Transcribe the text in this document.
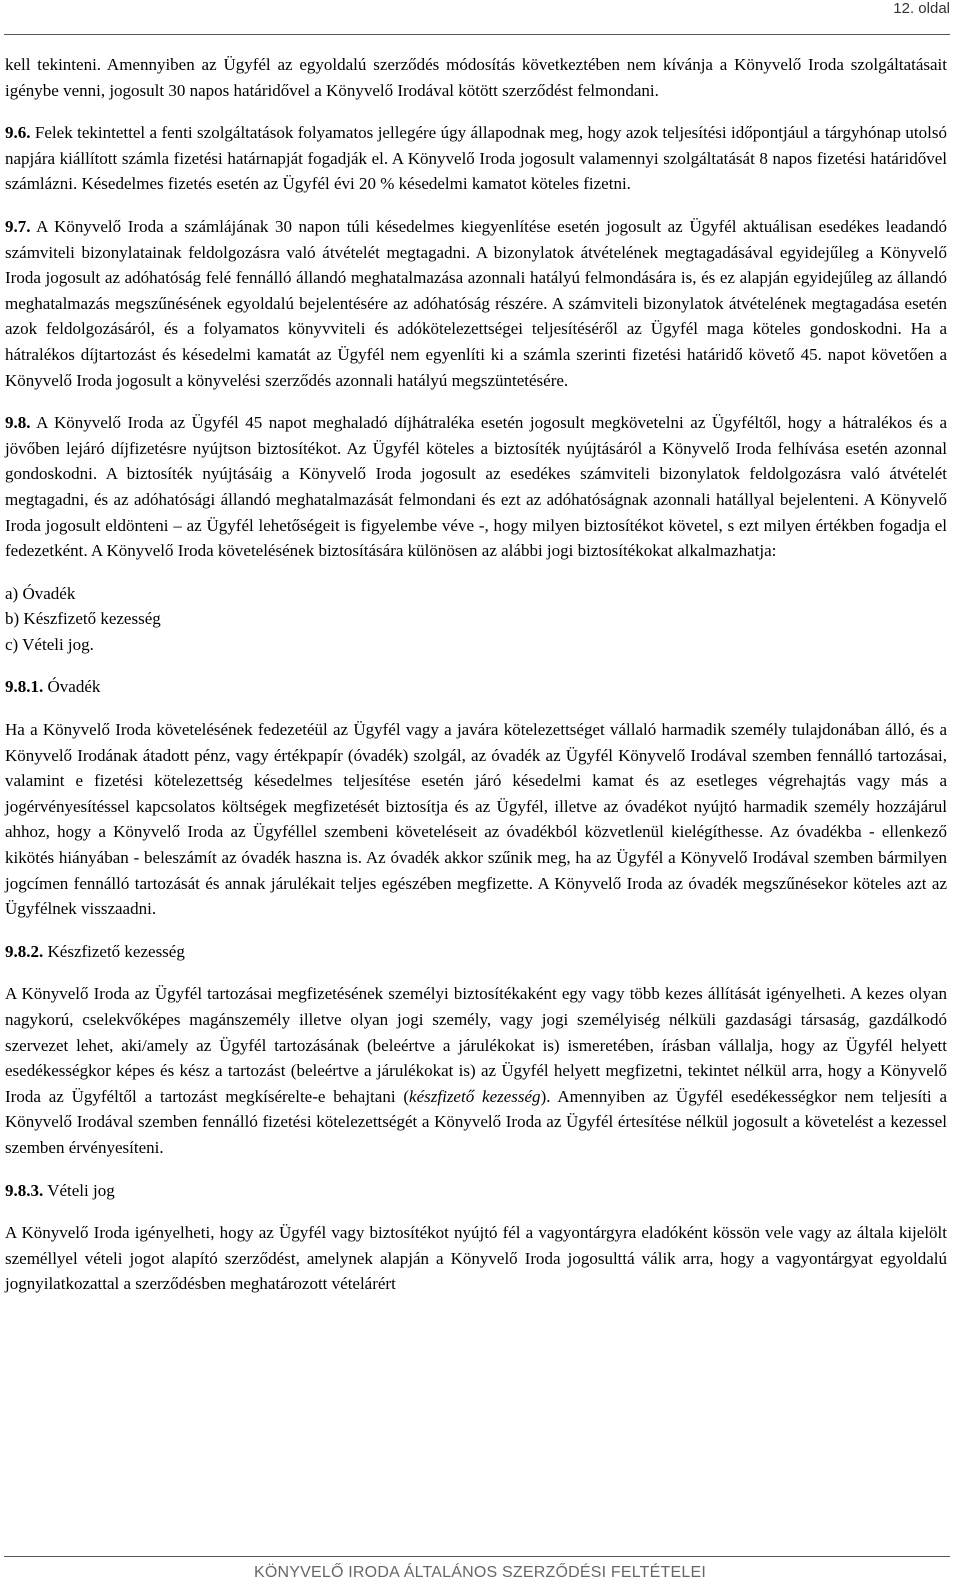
12. oldal

kell tekinteni. Amennyiben az Ügyfél az egyoldalú szerződés módosítás következtében nem kívánja a Könyvelő Iroda szolgáltatásait igénybe venni, jogosult 30 napos határidővel a Könyvelő Irodával kötött szerződést felmondani.

9.6. Felek tekintettel a fenti szolgáltatások folyamatos jellegére úgy állapodnak meg, hogy azok teljesítési időpontjául a tárgyhónap utolsó napjára kiállított számla fizetési határnapját fogadják el. A Könyvelő Iroda jogosult valamennyi szolgáltatását 8 napos fizetési határidővel számlázni. Késedelmes fizetés esetén az Ügyfél évi 20 % késedelmi kamatot köteles fizetni.

9.7. A Könyvelő Iroda a számlájának 30 napon túli késedelmes kiegyenlítése esetén jogosult az Ügyfél aktuálisan esedékes leadandó számviteli bizonylatainak feldolgozásra való átvételét megtagadni. A bizonylatok átvételének megtagadásával egyidejűleg a Könyvelő Iroda jogosult az adóhatóság felé fennálló állandó meghatalmazása azonnali hatályú felmondására is, és ez alapján egyidejűleg az állandó meghatalmazás megszűnésének egyoldalú bejelentésére az adóhatóság részére. A számviteli bizonylatok átvételének megtagadása esetén azok feldolgozásáról, és a folyamatos könyvviteli és adókötelezettségei teljesítéséről az Ügyfél maga köteles gondoskodni. Ha a hátralékos díjtartozást és késedelmi kamatát az Ügyfél nem egyenlíti ki a számla szerinti fizetési határidő követő 45. napot követően a Könyvelő Iroda jogosult a könyvelési szerződés azonnali hatályú megszüntetésére.

9.8. A Könyvelő Iroda az Ügyfél 45 napot meghaladó díjhátraléka esetén jogosult megkövetelni az Ügyféltől, hogy a hátralékos és a jövőben lejáró díjfizetésre nyújtson biztosítékot. Az Ügyfél köteles a biztosíték nyújtásáról a Könyvelő Iroda felhívása esetén azonnal gondoskodni. A biztosíték nyújtásáig a Könyvelő Iroda jogosult az esedékes számviteli bizonylatok feldolgozásra való átvételét megtagadni, és az adóhatósági állandó meghatalmazását felmondani és ezt az adóhatóságnak azonnali hatállyal bejelenteni. A Könyvelő Iroda jogosult eldönteni – az Ügyfél lehetőségeit is figyelembe véve -, hogy milyen biztosítékot követel, s ezt milyen értékben fogadja el fedezetként. A Könyvelő Iroda követelésének biztosítására különösen az alábbi jogi biztosítékokat alkalmazhatja:

a) Óvadék
b) Készfizető kezesség
c) Vételi jog.

9.8.1. Óvadék

Ha a Könyvelő Iroda követelésének fedezetéül az Ügyfél vagy a javára kötelezettséget vállaló harmadik személy tulajdonában álló, és a Könyvelő Irodának átadott pénz, vagy értékpapír (óvadék) szolgál, az óvadék az Ügyfél Könyvelő Irodával szemben fennálló tartozásai, valamint e fizetési kötelezettség késedelmes teljesítése esetén járó késedelmi kamat és az esetleges végrehajtás vagy más a jogérvényesítéssel kapcsolatos költségek megfizetését biztosítja és az Ügyfél, illetve az óvadékot nyújtó harmadik személy hozzájárul ahhoz, hogy a Könyvelő Iroda az Ügyféllel szembeni követeléseit az óvadékból közvetlenül kielégíthesse. Az óvadékba - ellenkező kikötés hiányában - beleszámít az óvadék haszna is. Az óvadék akkor szűnik meg, ha az Ügyfél a Könyvelő Irodával szemben bármilyen jogcímen fennálló tartozását és annak járulékait teljes egészében megfizette. A Könyvelő Iroda az óvadék megszűnésekor köteles azt az Ügyfélnek visszaadni.

9.8.2. Készfizető kezesség

A Könyvelő Iroda az Ügyfél tartozásai megfizetésének személyi biztosítékaként egy vagy több kezes állítását igényelheti. A kezes olyan nagykorú, cselekvőképes magánszemély illetve olyan jogi személy, vagy jogi személyiség nélküli gazdasági társaság, gazdálkodó szervezet lehet, aki/amely az Ügyfél tartozásának (beleértve a járulékokat is) ismeretében, írásban vállalja, hogy az Ügyfél helyett esedékességkor képes és kész a tartozást (beleértve a járulékokat is) az Ügyfél helyett megfizetni, tekintet nélkül arra, hogy a Könyvelő Iroda az Ügyféltől a tartozást megkísérelte-e behajtani (készfizető kezesség). Amennyiben az Ügyfél esedékességkor nem teljesíti a Könyvelő Irodával szemben fennálló fizetési kötelezettségét a Könyvelő Iroda az Ügyfél értesítése nélkül jogosult a követelést a kezessel szemben érvényesíteni.

9.8.3. Vételi jog

A Könyvelő Iroda igényelheti, hogy az Ügyfél vagy biztosítékot nyújtó fél a vagyontárgyra eladóként kössön vele vagy az általa kijelölt személlyel vételi jogot alapító szerződést, amelynek alapján a Könyvelő Iroda jogosulttá válik arra, hogy a vagyontárgyat egyoldalú jognyilatkozattal a szerződésben meghatározott vételárért

KÖNYVELŐ IRODA ÁLTALÁNOS SZERZŐDÉSI FELTÉTELEI
